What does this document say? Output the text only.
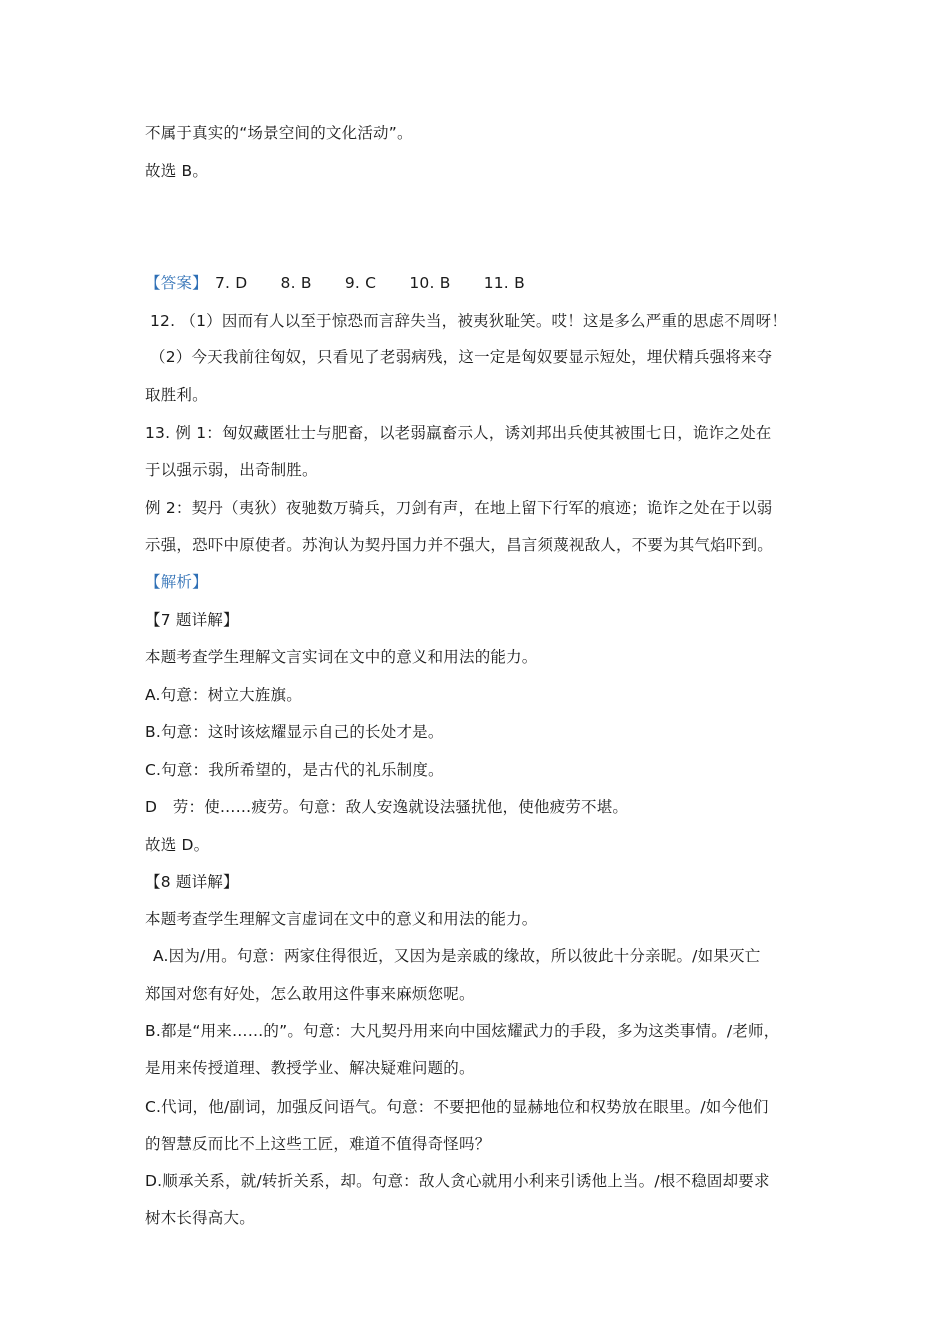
不属于真实的“场景空间的文化活动”。
故选 B。
【答案】 7. D 8. B 9. C 10. B 11. B
12. （1）因而有人以至于惊恐而言辞失当，被夷狄耻笑。哎！这是多么严重的思虑不周呀！
（2）今天我前往匈奴，只看见了老弱病残，这一定是匈奴要显示短处，埋伏精兵强将来夺
取胜利。
13. 例 1：匈奴藏匿壮士与肥畜，以老弱羸畜示人，诱刘邦出兵使其被围七日，诡诈之处在
于以强示弱，出奇制胜。
例 2：契丹（夷狄）夜驰数万骑兵，刀剑有声，在地上留下行军的痕迹；诡诈之处在于以弱
示强，恐吓中原使者。苏洵认为契丹国力并不强大，昌言须蔑视敌人，不要为其气焰吓到。
【解析】
【7 题详解】
本题考查学生理解文言实词在文中的意义和用法的能力。
A.句意：树立大旌旗。
B.句意：这时该炫耀显示自己的长处才是。
C.句意：我所希望的，是古代的礼乐制度。
D　劳：使……疲劳。句意：敌人安逸就设法骚扰他，使他疲劳不堪。
故选 D。
【8 题详解】
本题考查学生理解文言虚词在文中的意义和用法的能力。
A.因为/用。句意：两家住得很近，又因为是亲戚的缘故，所以彼此十分亲昵。/如果灭亡
郑国对您有好处，怎么敢用这件事来麻烦您呢。
B.都是“用来……的”。句意：大凡契丹用来向中国炫耀武力的手段，多为这类事情。/老师，
是用来传授道理、教授学业、解决疑难问题的。
C.代词，他/副词，加强反问语气。句意：不要把他的显赫地位和权势放在眼里。/如今他们
的智慧反而比不上这些工匠，难道不值得奇怪吗？
D.顺承关系，就/转折关系，却。句意：敌人贪心就用小利来引诱他上当。/根不稳固却要求
树木长得高大。
